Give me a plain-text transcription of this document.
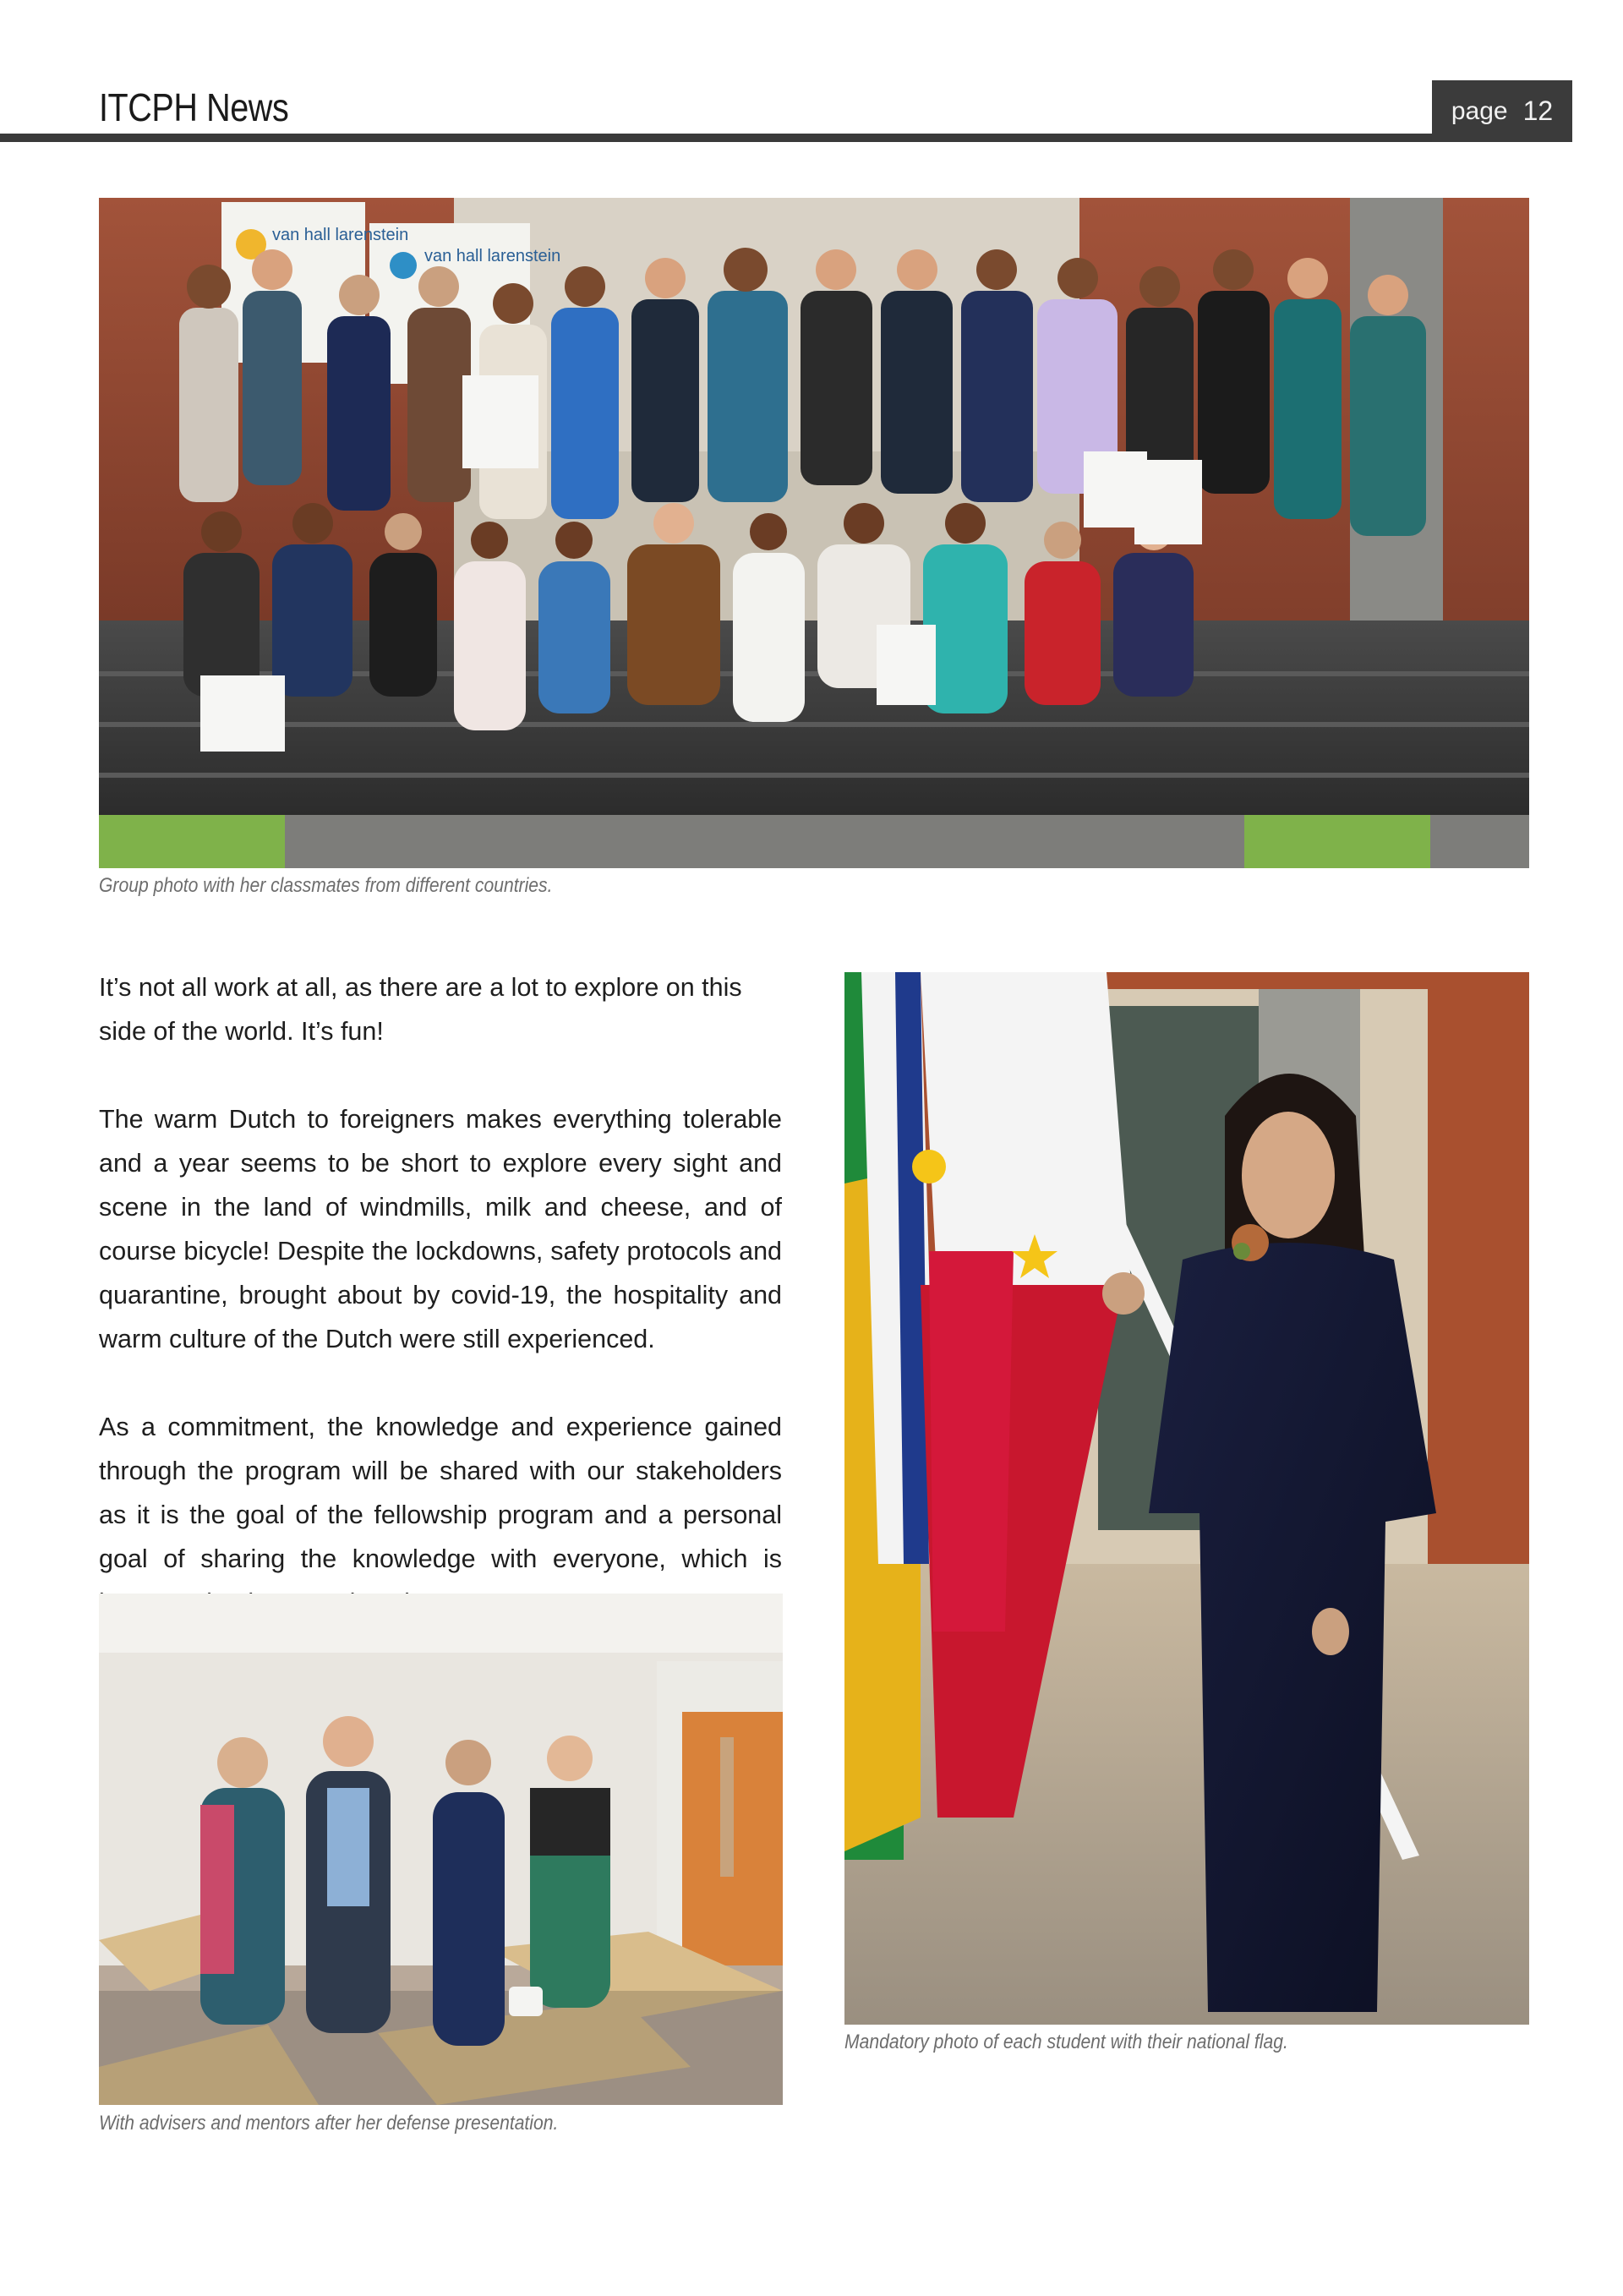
ITCPH News	page 12
van hall larenstein
van hall larenstein
Group photo with her classmates from different countries.

It’s not all work at all, as there are a lot to explore on this side of the world. It’s fun!

The warm Dutch to foreigners makes everything tolerable and a year seems to be short to explore every sight and scene in the land of windmills, milk and cheese, and of course bicycle! Despite the lockdowns, safety protocols and quarantine, brought about by covid-19, the hospitality and warm culture of the Dutch were still experienced.

As a commitment, the knowledge and experience gained through the program will be shared with our stakeholders as it is the goal of the fellowship program and a personal goal of sharing the knowledge with everyone, which is

Mandatory photo of each student with their national flag.
With advisers and mentors after her defense presentation.
